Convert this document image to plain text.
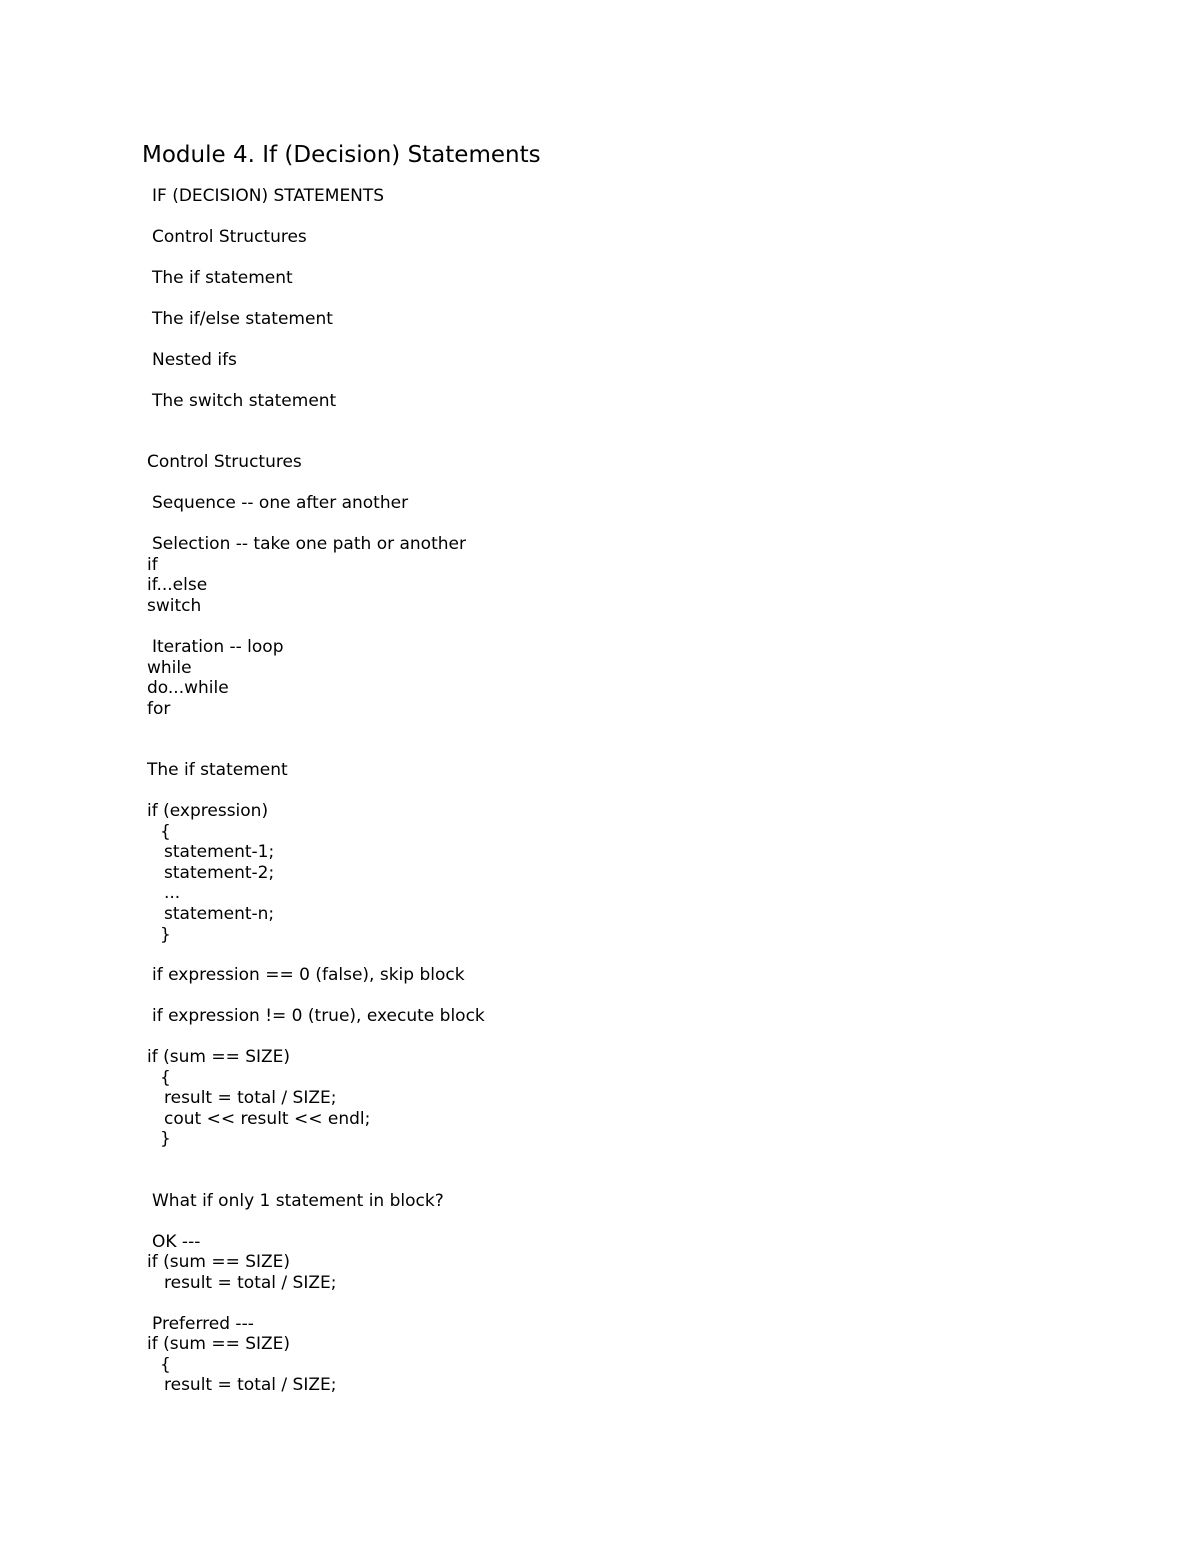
Module 4. If (Decision) Statements
IF (DECISION) STATEMENTS
Control Structures
The if statement
The if/else statement
Nested ifs
The switch statement
Control Structures
Sequence -- one after another
Selection -- take one path or another
if
if...else
switch
Iteration -- loop
while
do...while
for
The if statement
if (expression)
{
statement-1;
statement-2;
...
statement-n;
}
if expression == 0 (false), skip block
if expression != 0 (true), execute block
if (sum == SIZE)
{
result = total / SIZE;
cout << result << endl;
}
What if only 1 statement in block?
OK ---
if (sum == SIZE)
result = total / SIZE;
Preferred ---
if (sum == SIZE)
{
result = total / SIZE;
